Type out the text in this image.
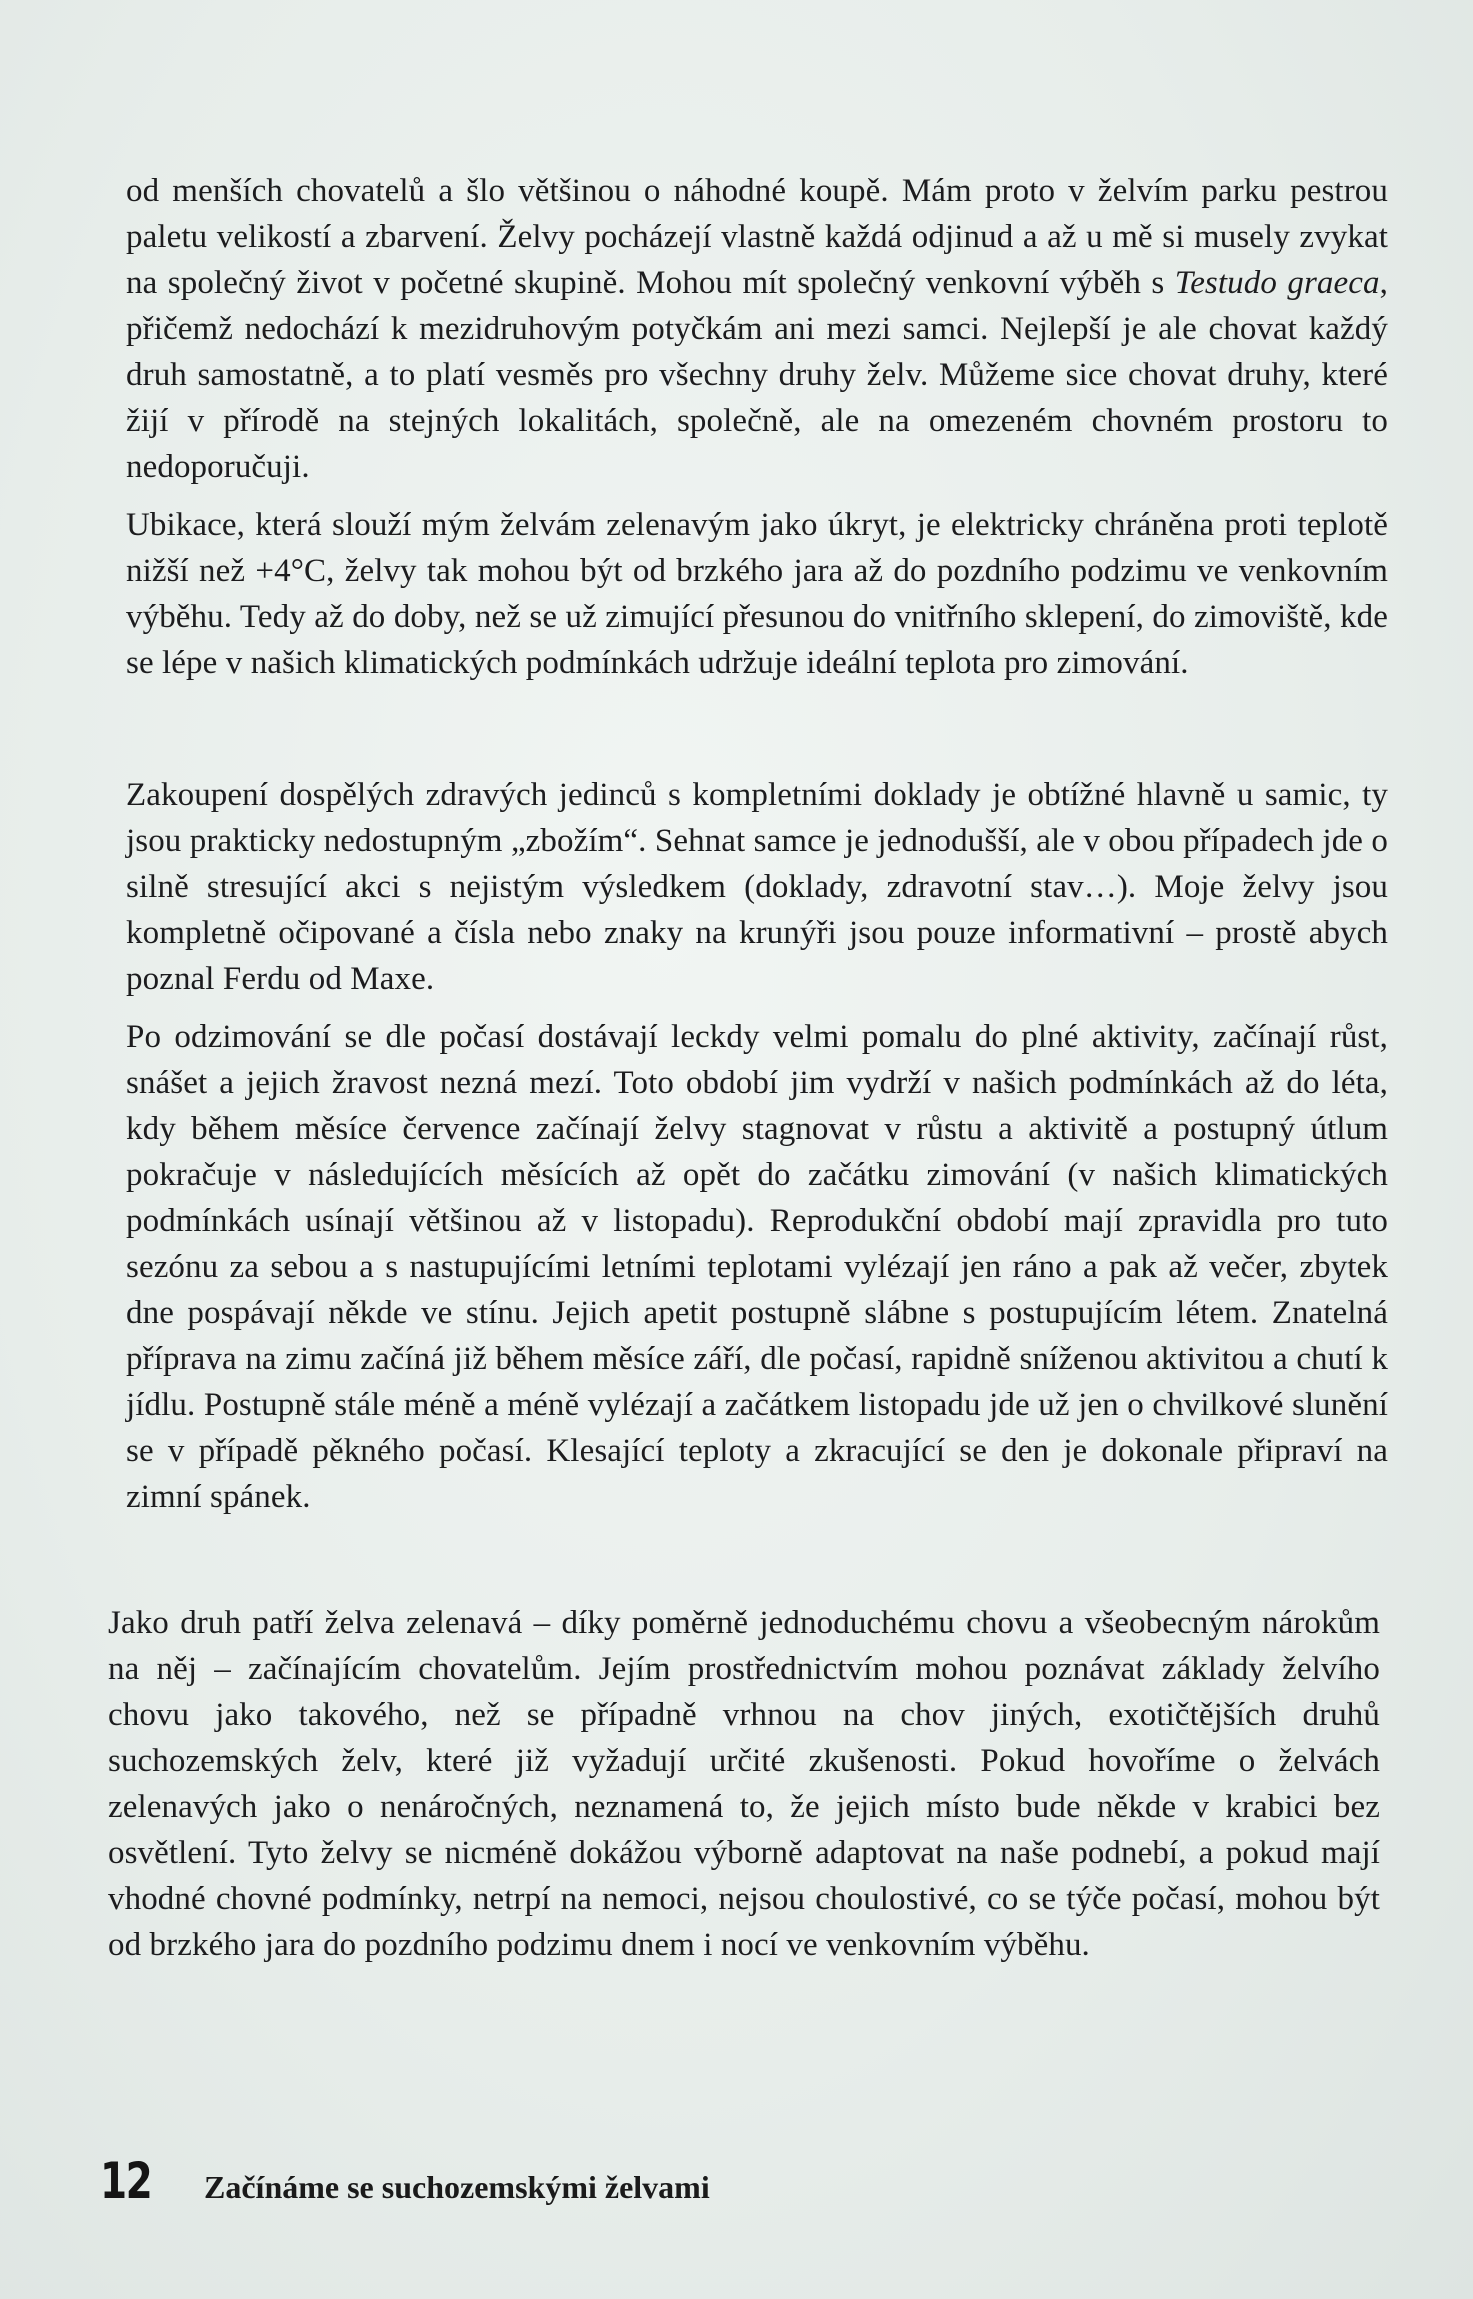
od menších chovatelů a šlo většinou o náhodné koupě. Mám proto v želvím parku pestrou paletu velikostí a zbarvení. Želvy pocházejí vlastně každá odjinud a až u mě si musely zvykat na společný život v početné skupině. Mohou mít společný venkovní výběh s Testudo graeca, přičemž nedochází k mezidruhovým potyčkám ani mezi samci. Nejlepší je ale chovat každý druh samostatně, a to platí vesměs pro všechny druhy želv. Můžeme sice chovat druhy, které žijí v přírodě na stejných lokalitách, společně, ale na omezeném chovném prostoru to nedoporučuji.

Ubikace, která slouží mým želvám zelenavým jako úkryt, je elektricky chráněna proti teplotě nižší než +4°C, želvy tak mohou být od brzkého jara až do pozdního podzimu ve venkovním výběhu. Tedy až do doby, než se už zimující přesunou do vnitřního sklepení, do zimoviště, kde se lépe v našich klimatických podmínkách udržuje ideální teplota pro zimování.

Zakoupení dospělých zdravých jedinců s kompletními doklady je obtížné hlavně u samic, ty jsou prakticky nedostupným „zbožím“. Sehnat samce je jednodušší, ale v obou případech jde o silně stresující akci s nejistým výsledkem (doklady, zdravotní stav…). Moje želvy jsou kompletně očipované a čísla nebo znaky na krunýři jsou pouze informativní – prostě abych poznal Ferdu od Maxe.

Po odzimování se dle počasí dostávají leckdy velmi pomalu do plné aktivity, začínají růst, snášet a jejich žravost nezná mezí. Toto období jim vydrží v našich podmínkách až do léta, kdy během měsíce července začínají želvy stagnovat v růstu a aktivitě a postupný útlum pokračuje v následujících měsících až opět do začátku zimování (v našich klimatických podmínkách usínají většinou až v listopadu). Reprodukční období mají zpravidla pro tuto sezónu za sebou a s nastupujícími letními teplotami vylézají jen ráno a pak až večer, zbytek dne pospávají někde ve stínu. Jejich apetit postupně slábne s postupujícím létem. Znatelná příprava na zimu začíná již během měsíce září, dle počasí, rapidně sníženou aktivitou a chutí k jídlu. Postupně stále méně a méně vylézají a začátkem listopadu jde už jen o chvilkové slunění se v případě pěkného počasí. Klesající teploty a zkracující se den je dokonale připraví na zimní spánek.

Jako druh patří želva zelenavá – díky poměrně jednoduchému chovu a všeobecným nárokům na něj – začínajícím chovatelům. Jejím prostřednictvím mohou poznávat základy želvího chovu jako takového, než se případně vrhnou na chov jiných, exotičtějších druhů suchozemských želv, které již vyžadují určité zkušenosti. Pokud hovoříme o želvách zelenavých jako o nenáročných, neznamená to, že jejich místo bude někde v krabici bez osvětlení. Tyto želvy se nicméně dokážou výborně adaptovat na naše podnebí, a pokud mají vhodné chovné podmínky, netrpí na nemoci, nejsou choulostivé, co se týče počasí, mohou být od brzkého jara do pozdního podzimu dnem i nocí ve venkovním výběhu.

12 Začínáme se suchozemskými želvami
